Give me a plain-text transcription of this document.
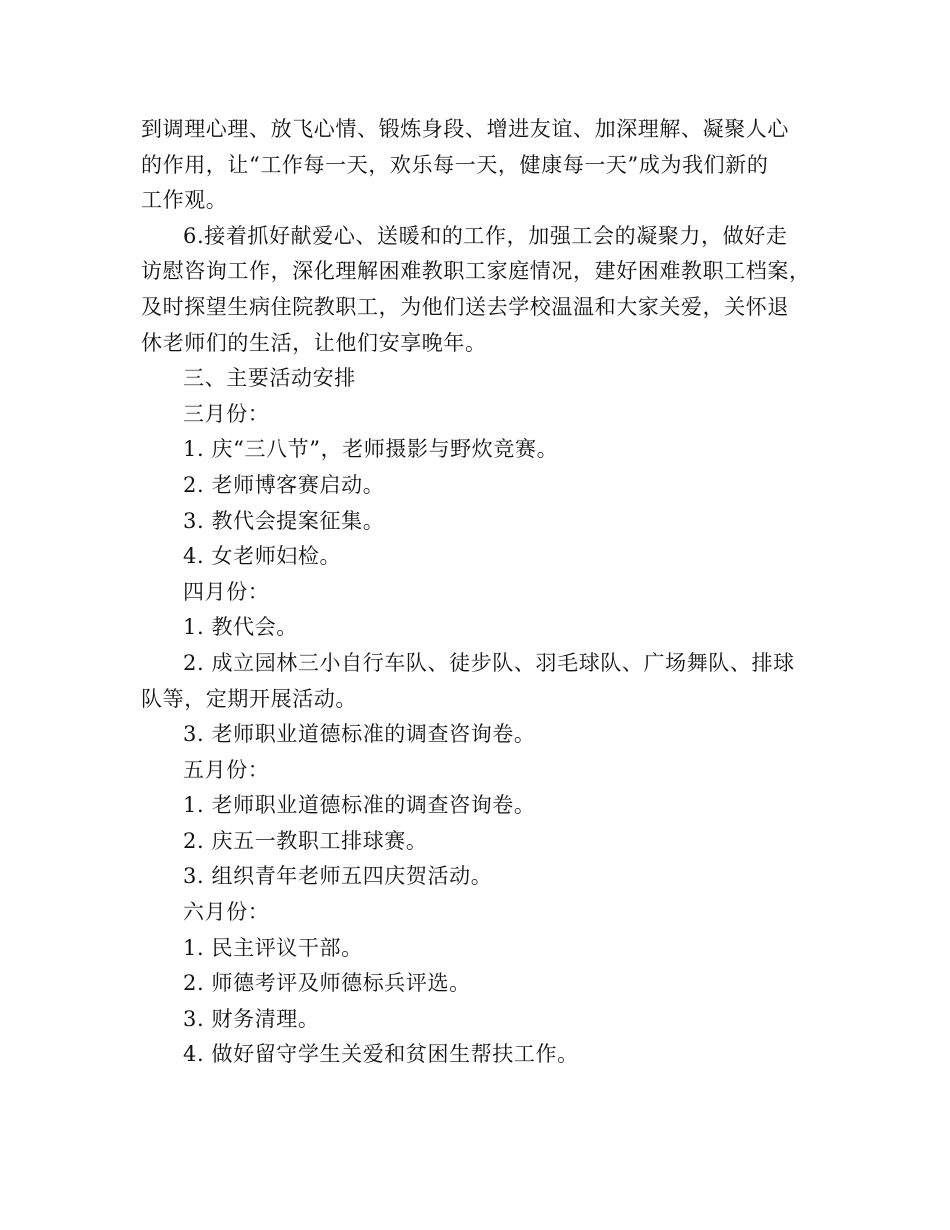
到调理心理、放飞心情、锻炼身段、增进友谊、加深理解、凝聚人心

的作用，让“工作每一天，欢乐每一天，健康每一天”成为我们新的

工作观。

6.接着抓好献爱心、送暖和的工作，加强工会的凝聚力，做好走

访慰咨询工作，深化理解困难教职工家庭情况，建好困难教职工档案，

及时探望生病住院教职工，为他们送去学校温温和大家关爱，关怀退

休老师们的生活，让他们安享晚年。

三、主要活动安排

三月份：

1. 庆“三八节”，老师摄影与野炊竞赛。

2. 老师博客赛启动。

3. 教代会提案征集。

4. 女老师妇检。

四月份：

1. 教代会。

2. 成立园林三小自行车队、徒步队、羽毛球队、广场舞队、排球

队等，定期开展活动。

3. 老师职业道德标准的调查咨询卷。

五月份：

1. 老师职业道德标准的调查咨询卷。

2. 庆五一教职工排球赛。

3. 组织青年老师五四庆贺活动。

六月份：

1. 民主评议干部。

2. 师德考评及师德标兵评选。

3. 财务清理。

4. 做好留守学生关爱和贫困生帮扶工作。
